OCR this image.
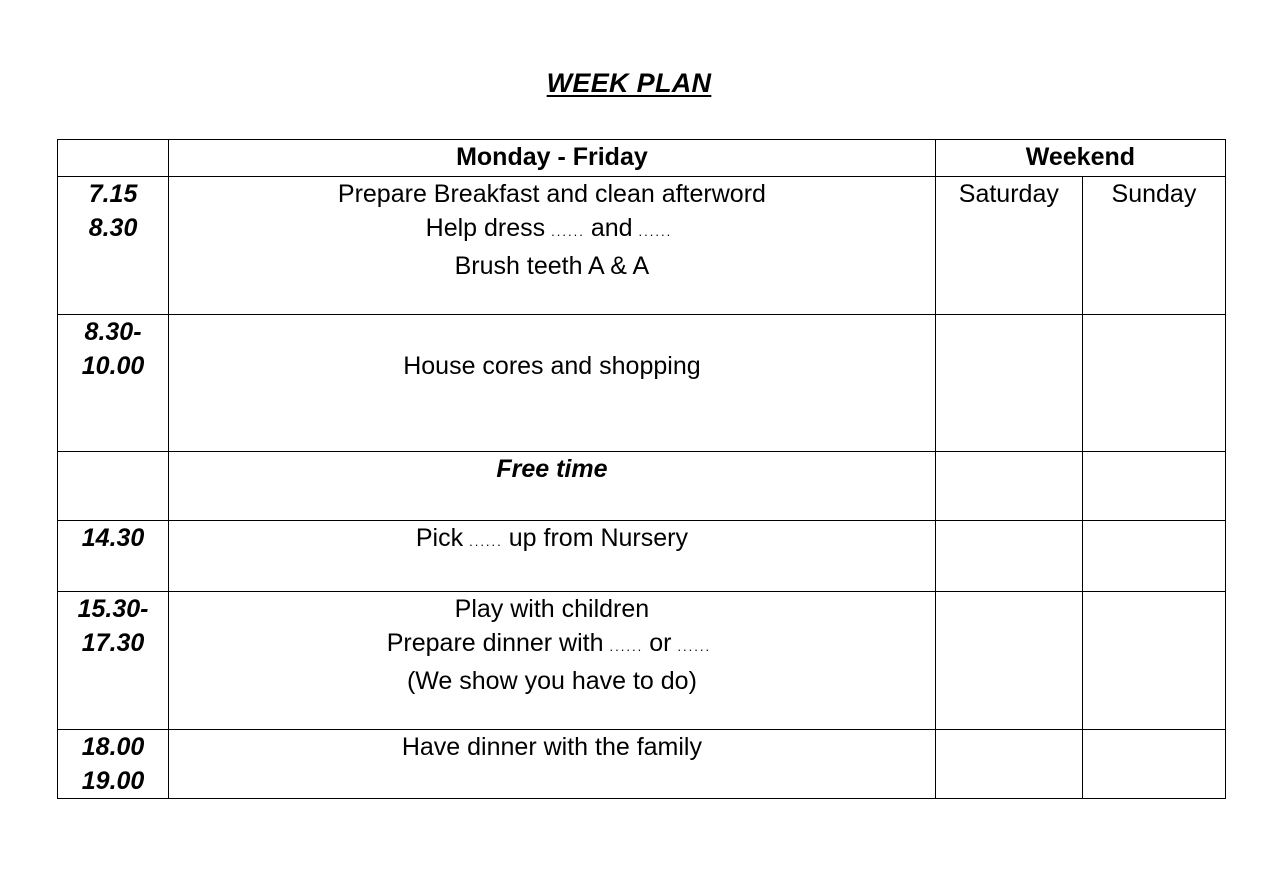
WEEK PLAN
	Monday - Friday	Weekend	

7.15
8.30	Prepare Breakfast and clean afterword
Help dress ...... and ......
Brush teeth A & A	Saturday	Sunday

8.30-
10.00	House cores and shopping		

	Free time		

14.30	Pick ...... up from Nursery		

15.30-
17.30	Play with children
Prepare dinner with ...... or ......
(We show you have to do)		

18.00
19.00	Have dinner with the family		
